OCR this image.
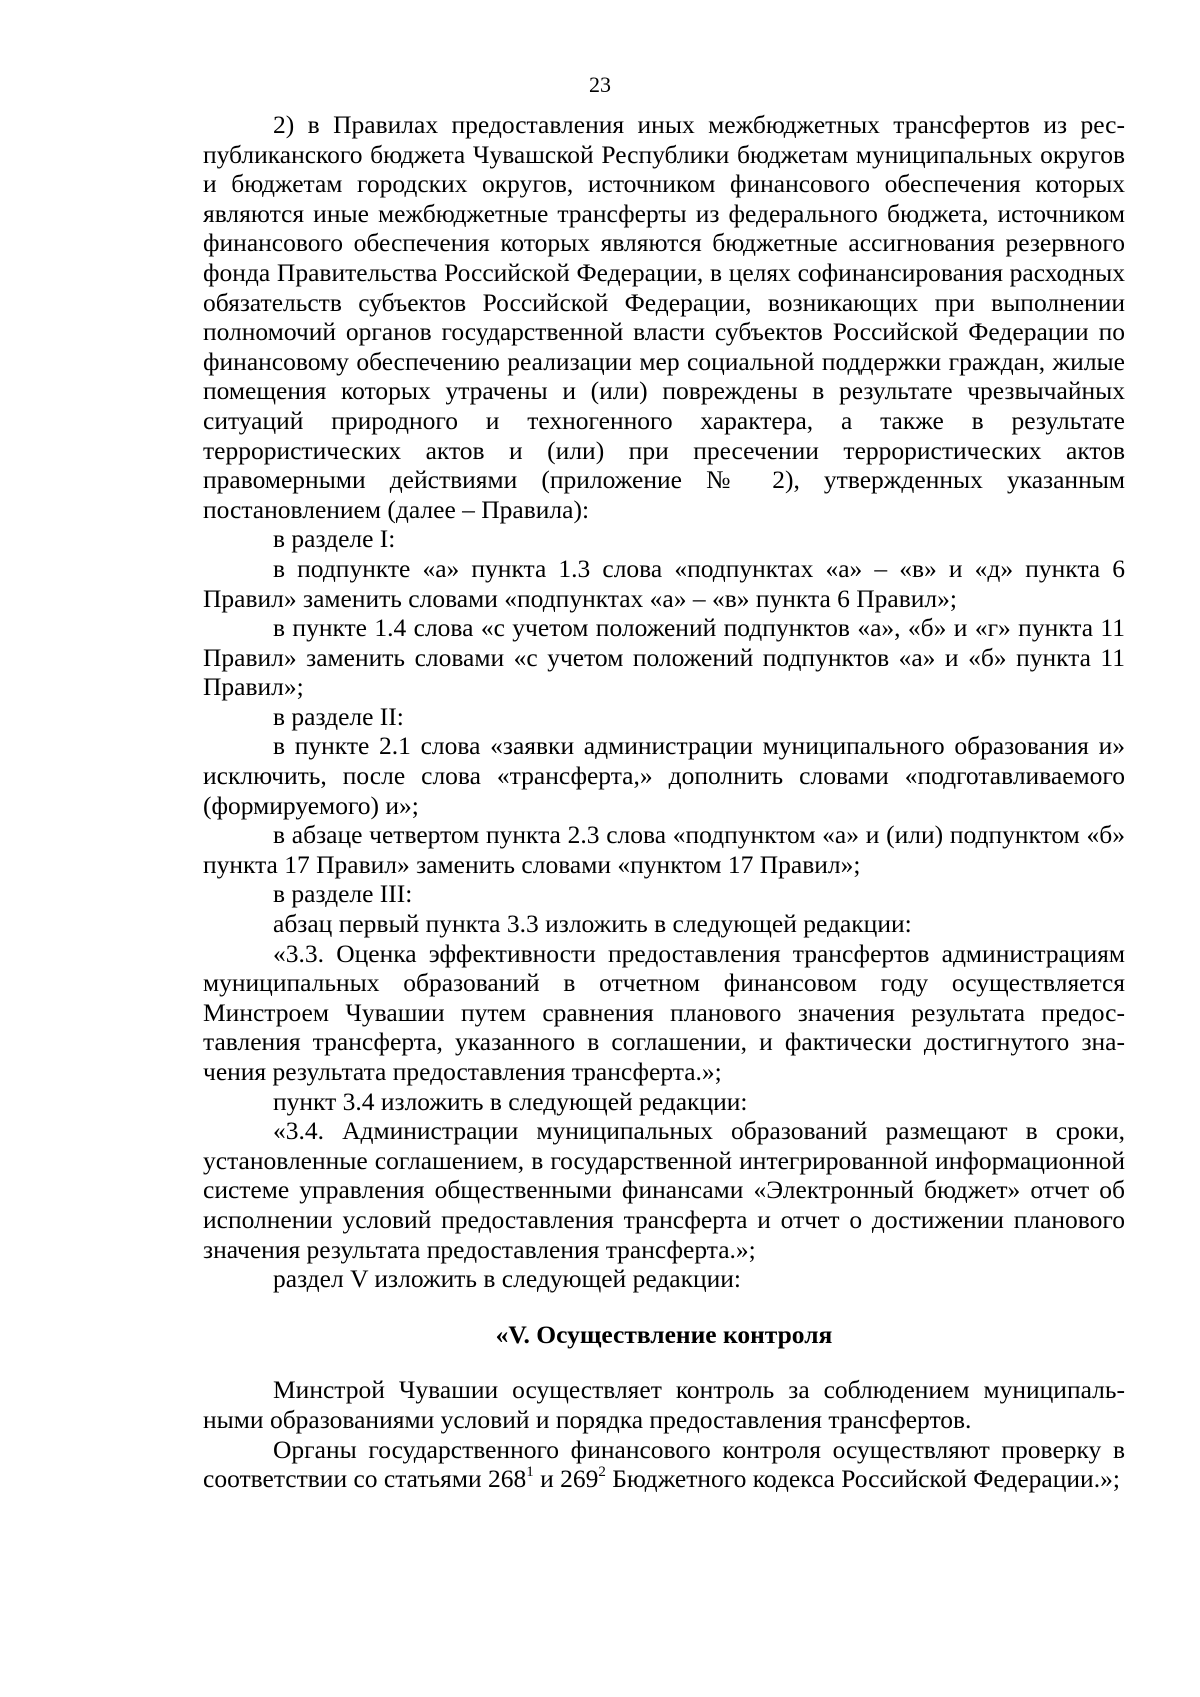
23

2) в Правилах предоставления иных межбюджетных трансфертов из республиканского бюджета Чувашской Республики бюджетам муниципальных округов и бюджетам городских округов, источником финансового обеспечения которых являются иные межбюджетные трансферты из федерального бюджета, источником финансового обеспечения которых являются бюджетные ассигнования резервного фонда Правительства Российской Федерации, в целях софинансирования расходных обязательств субъектов Российской Федерации, возникающих при выполнении полномочий органов государственной власти субъектов Российской Федерации по финансовому обеспечению реализации мер социальной поддержки граждан, жилые помещения которых утрачены и (или) повреждены в результате чрезвычайных ситуаций природного и техногенного характера, а также в результате террористических актов и (или) при пресечении террористических актов правомерными действиями (приложение № 2), утвержденных указанным постановлением (далее – Правила):

в разделе I:

в подпункте «а» пункта 1.3 слова «подпунктах «а» – «в» и «д» пункта 6 Правил» заменить словами «подпунктах «а» – «в» пункта 6 Правил»;

в пункте 1.4 слова «с учетом положений подпунктов «а», «б» и «г» пункта 11 Правил» заменить словами «с учетом положений подпунктов «а» и «б» пункта 11 Правил»;

в разделе II:

в пункте 2.1 слова «заявки администрации муниципального образования и» исключить, после слова «трансферта,» дополнить словами «подготавливаемого (формируемого) и»;

в абзаце четвертом пункта 2.3 слова «подпунктом «а» и (или) подпунктом «б» пункта 17 Правил» заменить словами «пунктом 17 Правил»;

в разделе III:

абзац первый пункта 3.3 изложить в следующей редакции:

«3.3. Оценка эффективности предоставления трансфертов администрациям муниципальных образований в отчетном финансовом году осуществляется Минстроем Чувашии путем сравнения планового значения результата предоставления трансферта, указанного в соглашении, и фактически достигнутого значения результата предоставления трансферта.»;

пункт 3.4 изложить в следующей редакции:

«3.4. Администрации муниципальных образований размещают в сроки, установленные соглашением, в государственной интегрированной информационной системе управления общественными финансами «Электронный бюджет» отчет об исполнении условий предоставления трансферта и отчет о достижении планового значения результата предоставления трансферта.»;

раздел V изложить в следующей редакции:

«V. Осуществление контроля

Минстрой Чувашии осуществляет контроль за соблюдением муниципальными образованиями условий и порядка предоставления трансфертов.

Органы государственного финансового контроля осуществляют проверку в соответствии со статьями $268^1$ и $269^2$ Бюджетного кодекса Российской Федерации.»;
